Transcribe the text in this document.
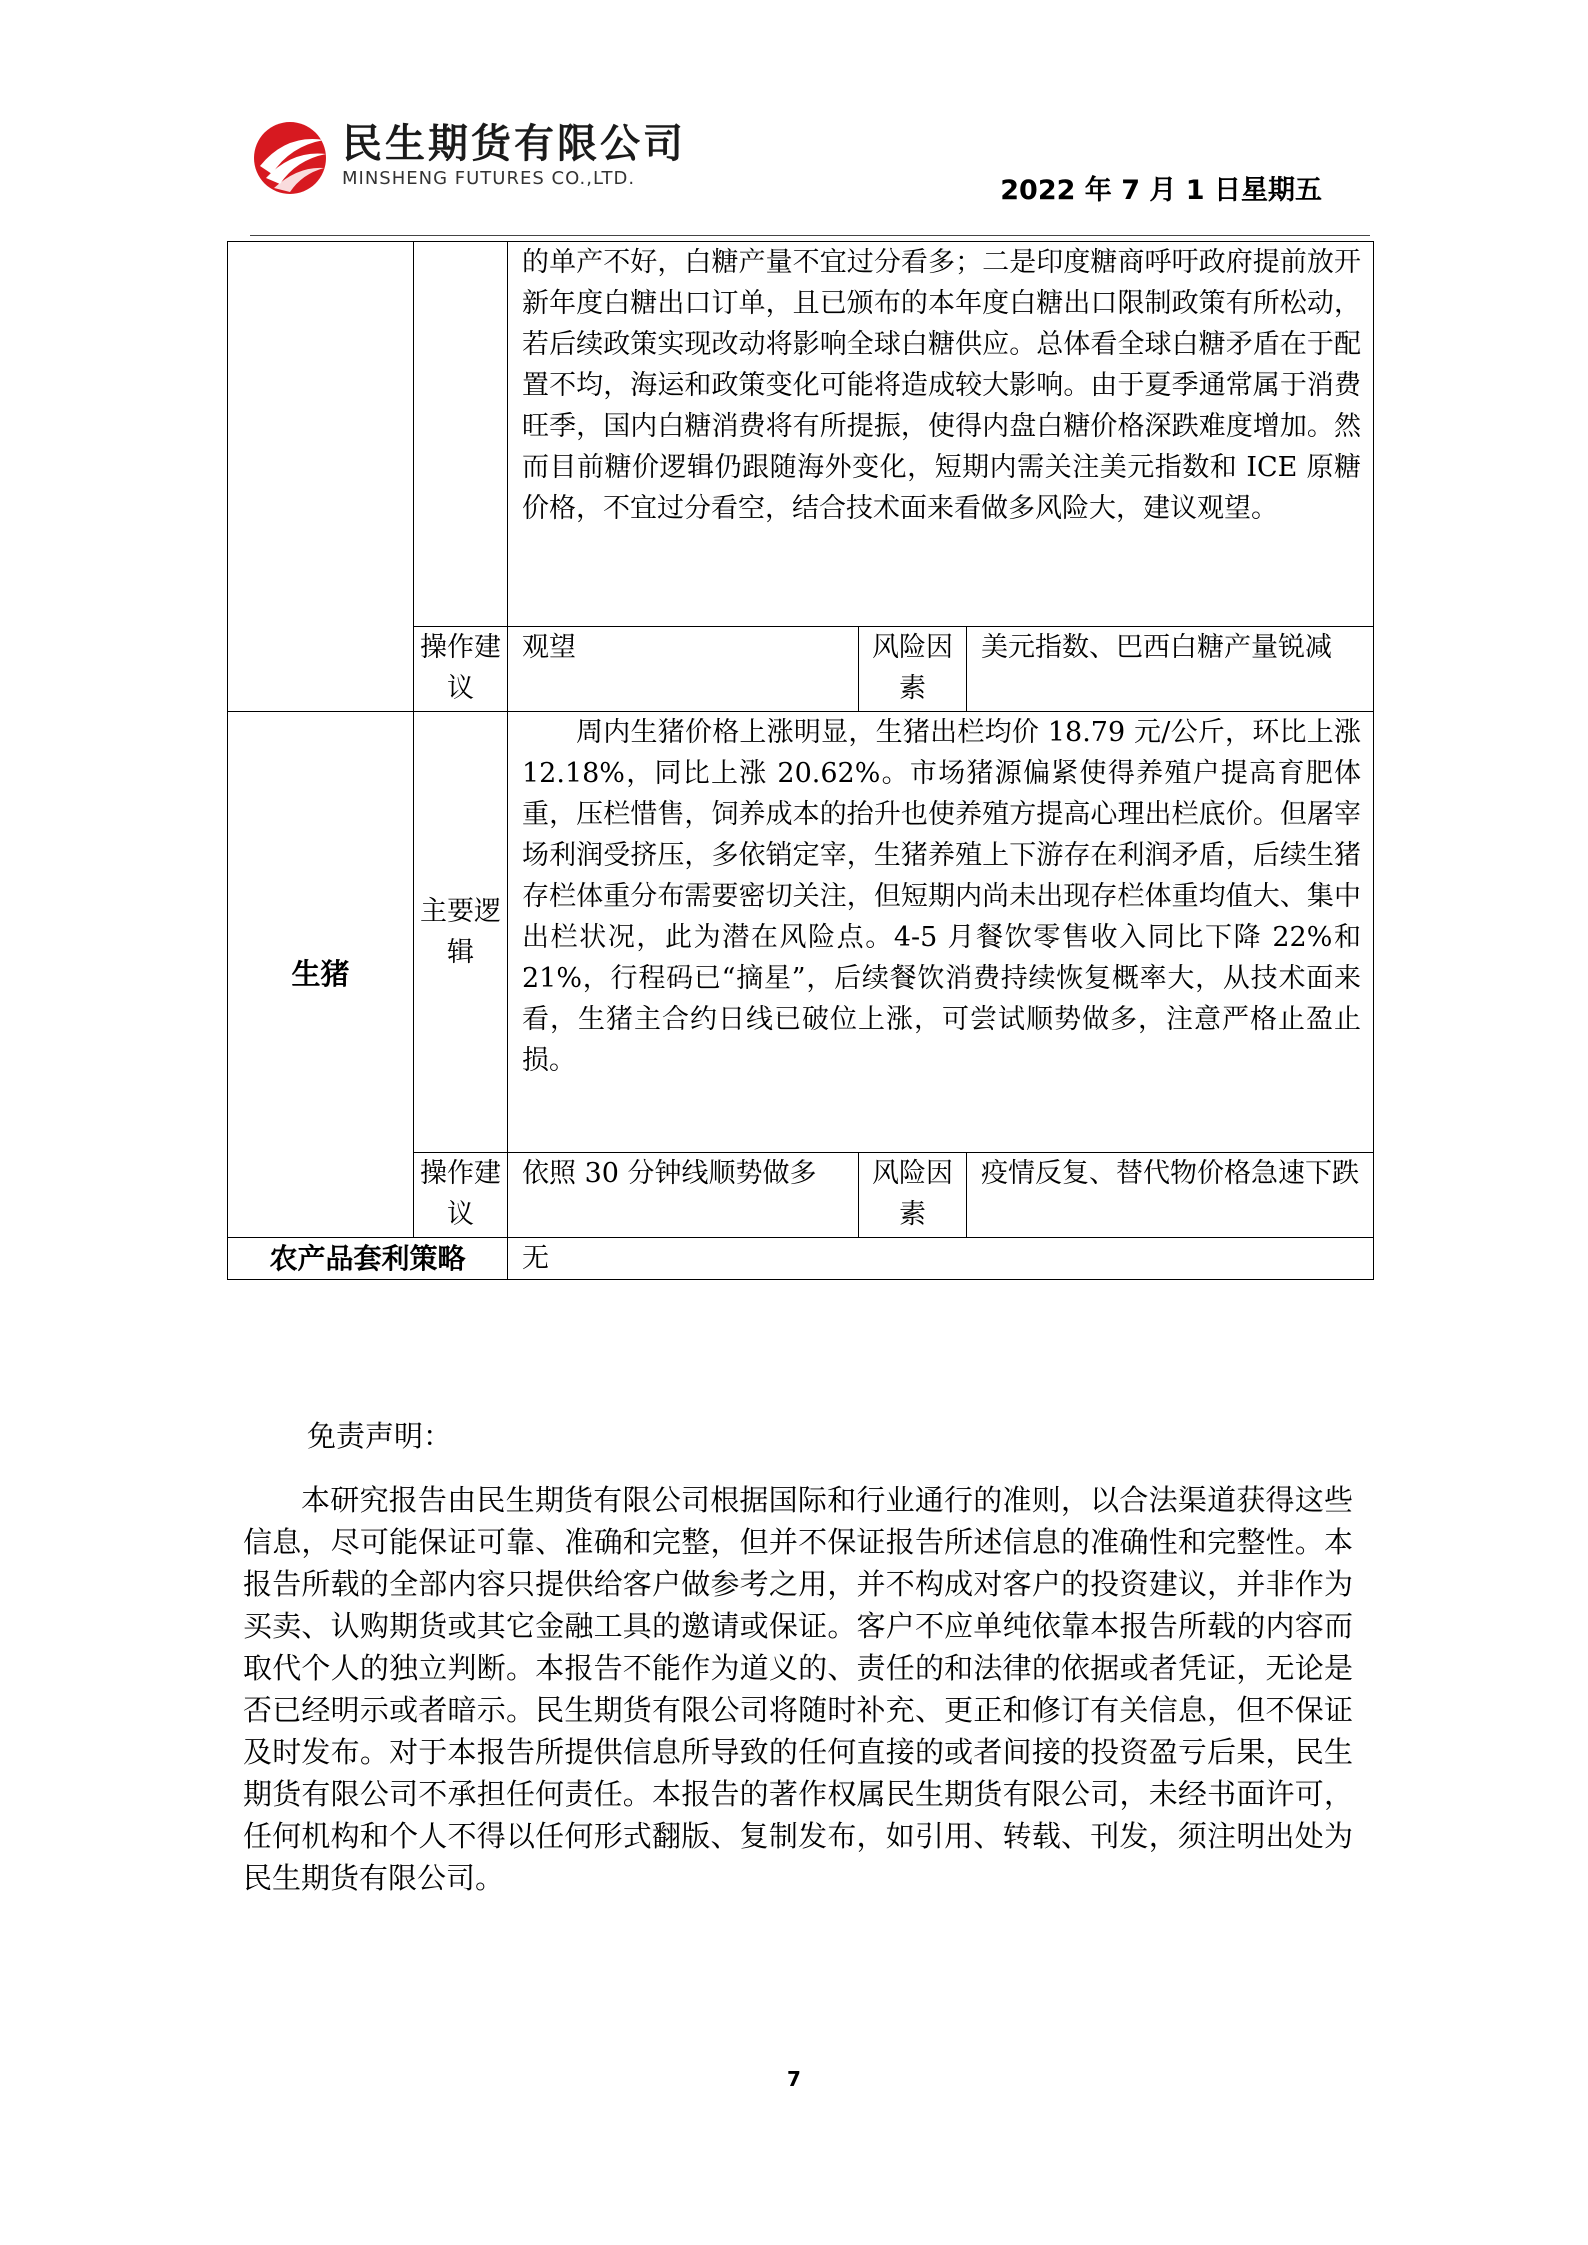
民生期货有限公司
MINSHENG FUTURES CO.,LTD.	2022 年 7 月 1 日星期五
		的单产不好，白糖产量不宜过分看多；二是印度糖商呼吁政府提前放开新年度白糖出口订单，且已颁布的本年度白糖出口限制政策有所松动，若后续政策实现改动将影响全球白糖供应。总体看全球白糖矛盾在于配置不均，海运和政策变化可能将造成较大影响。由于夏季通常属于消费旺季，国内白糖消费将有所提振，使得内盘白糖价格深跌难度增加。然而目前糖价逻辑仍跟随海外变化，短期内需关注美元指数和 ICE 原糖价格，不宜过分看空，结合技术面来看做多风险大，建议观望。		
	操作建议	观望	风险因素	美元指数、巴西白糖产量锐减
生猪	主要逻辑	周内生猪价格上涨明显，生猪出栏均价 18.79 元/公斤，环比上涨 12.18%，同比上涨 20.62%。市场猪源偏紧使得养殖户提高育肥体重，压栏惜售，饲养成本的抬升也使养殖方提高心理出栏底价。但屠宰场利润受挤压，多依销定宰，生猪养殖上下游存在利润矛盾，后续生猪存栏体重分布需要密切关注，但短期内尚未出现存栏体重均值大、集中出栏状况，此为潜在风险点。4-5 月餐饮零售收入同比下降 22%和 21%，行程码已“摘星”，后续餐饮消费持续恢复概率大，从技术面来看，生猪主合约日线已破位上涨，可尝试顺势做多，注意严格止盈止损。		
	操作建议	依照 30 分钟线顺势做多	风险因素	疫情反复、替代物价格急速下跌
农产品套利策略		无		

免责声明：

本研究报告由民生期货有限公司根据国际和行业通行的准则，以合法渠道获得这些信息，尽可能保证可靠、准确和完整，但并不保证报告所述信息的准确性和完整性。本报告所载的全部内容只提供给客户做参考之用，并不构成对客户的投资建议，并非作为买卖、认购期货或其它金融工具的邀请或保证。客户不应单纯依靠本报告所载的内容而取代个人的独立判断。本报告不能作为道义的、责任的和法律的依据或者凭证，无论是否已经明示或者暗示。民生期货有限公司将随时补充、更正和修订有关信息，但不保证及时发布。对于本报告所提供信息所导致的任何直接的或者间接的投资盈亏后果，民生期货有限公司不承担任何责任。本报告的著作权属民生期货有限公司，未经书面许可，任何机构和个人不得以任何形式翻版、复制发布，如引用、转载、刊发，须注明出处为民生期货有限公司。

7
